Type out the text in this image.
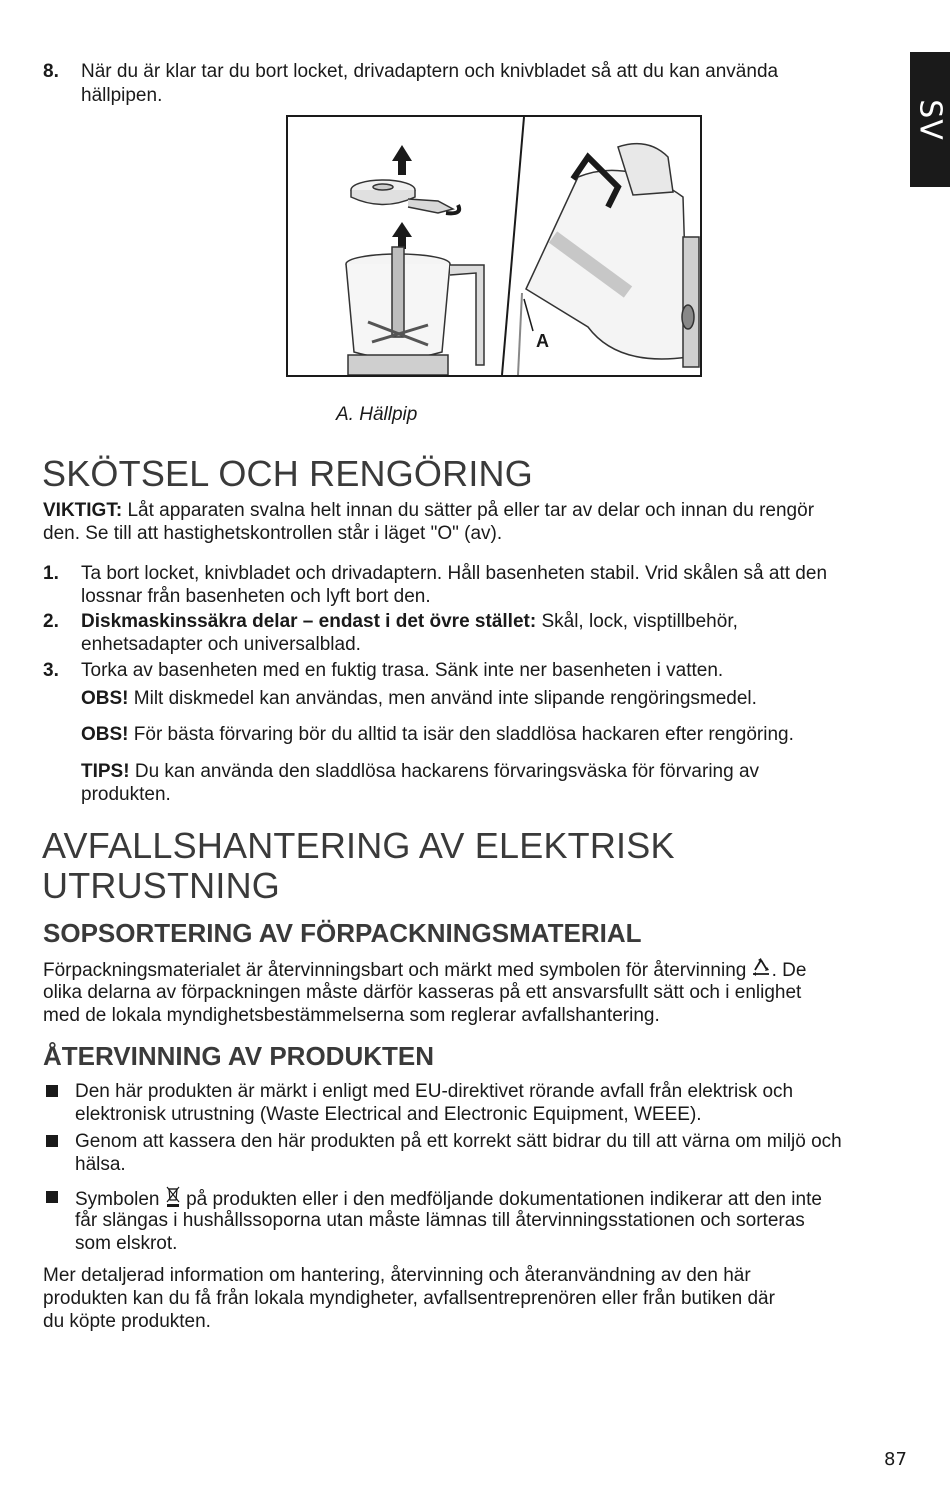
SV
8. När du är klar tar du bort locket, drivadaptern och knivbladet så att du kan använda
hällpipen.
A
A. Hällpip
SKÖTSEL OCH RENGÖRING
VIKTIGT: Låt apparaten svalna helt innan du sätter på eller tar av delar och innan du rengör
den. Se till att hastighetskontrollen står i läget "O" (av).
1. Ta bort locket, knivbladet och drivadaptern. Håll basenheten stabil. Vrid skålen så att den
lossnar från basenheten och lyft bort den.
2. Diskmaskinssäkra delar – endast i det övre stället: Skål, lock, visptillbehör,
enhetsadapter och universalblad.
3. Torka av basenheten med en fuktig trasa. Sänk inte ner basenheten i vatten.
OBS! Milt diskmedel kan användas, men använd inte slipande rengöringsmedel.
OBS! För bästa förvaring bör du alltid ta isär den sladdlösa hackaren efter rengöring.
TIPS! Du kan använda den sladdlösa hackarens förvaringsväska för förvaring av
produkten.
AVFALLSHANTERING AV ELEKTRISK
UTRUSTNING
SOPSORTERING AV FÖRPACKNINGSMATERIAL
Förpackningsmaterialet är återvinningsbart och märkt med symbolen för återvinning . De
olika delarna av förpackningen måste därför kasseras på ett ansvarsfullt sätt och i enlighet
med de lokala myndighetsbestämmelserna som reglerar avfallshantering.
ÅTERVINNING AV PRODUKTEN
Den här produkten är märkt i enligt med EU-direktivet rörande avfall från elektrisk och
elektronisk utrustning (Waste Electrical and Electronic Equipment, WEEE).
Genom att kassera den här produkten på ett korrekt sätt bidrar du till att värna om miljö och
hälsa.
Symbolen på produkten eller i den medföljande dokumentationen indikerar att den inte
får slängas i hushållssoporna utan måste lämnas till återvinningsstationen och sorteras
som elskrot.
Mer detaljerad information om hantering, återvinning och återanvändning av den här
produkten kan du få från lokala myndigheter, avfallsentreprenören eller från butiken där
du köpte produkten.
87
